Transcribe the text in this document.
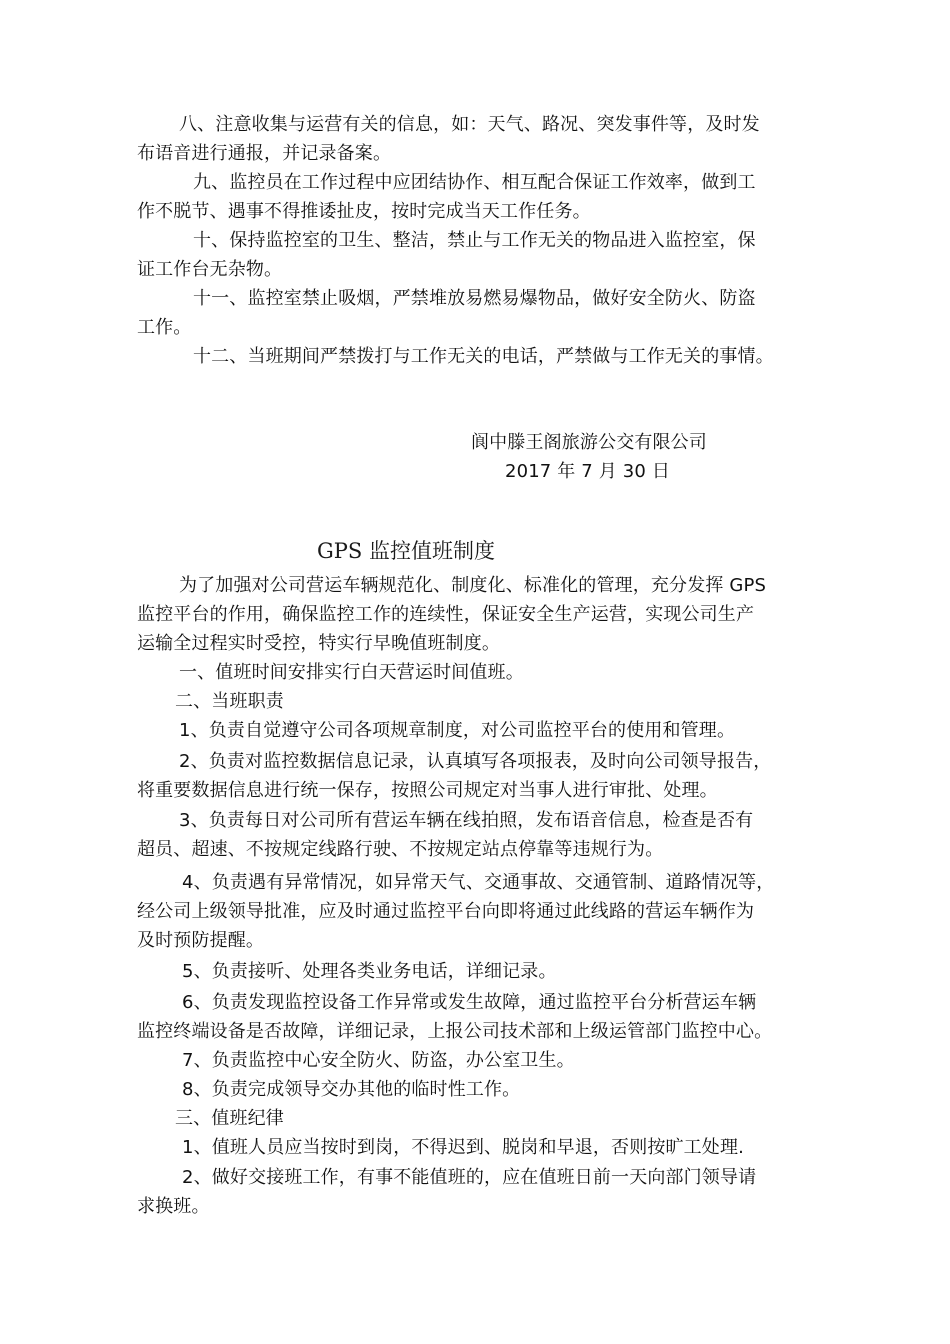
八、注意收集与运营有关的信息，如：天气、路况、突发事件等，及时发
布语音进行通报，并记录备案。
九、监控员在工作过程中应团结协作、相互配合保证工作效率，做到工
作不脱节、遇事不得推诿扯皮，按时完成当天工作任务。
十、保持监控室的卫生、整洁，禁止与工作无关的物品进入监控室，保
证工作台无杂物。
十一、监控室禁止吸烟，严禁堆放易燃易爆物品，做好安全防火、防盗
工作。
十二、当班期间严禁拨打与工作无关的电话，严禁做与工作无关的事情。
阆中滕王阁旅游公交有限公司
2017 年 7 月 30 日
GPS 监控值班制度
为了加强对公司营运车辆规范化、制度化、标准化的管理，充分发挥 GPS
监控平台的作用，确保监控工作的连续性，保证安全生产运营，实现公司生产
运输全过程实时受控，特实行早晚值班制度。
一、值班时间安排实行白天营运时间值班。
二、当班职责
1、负责自觉遵守公司各项规章制度，对公司监控平台的使用和管理。
2、负责对监控数据信息记录，认真填写各项报表，及时向公司领导报告，
将重要数据信息进行统一保存，按照公司规定对当事人进行审批、处理。
3、负责每日对公司所有营运车辆在线拍照，发布语音信息，检查是否有
超员、超速、不按规定线路行驶、不按规定站点停靠等违规行为。
4、负责遇有异常情况，如异常天气、交通事故、交通管制、道路情况等，
经公司上级领导批准，应及时通过监控平台向即将通过此线路的营运车辆作为
及时预防提醒。
5、负责接听、处理各类业务电话，详细记录。
6、负责发现监控设备工作异常或发生故障，通过监控平台分析营运车辆
监控终端设备是否故障，详细记录，上报公司技术部和上级运管部门监控中心。
7、负责监控中心安全防火、防盗，办公室卫生。
8、负责完成领导交办其他的临时性工作。
三、值班纪律
1、值班人员应当按时到岗，不得迟到、脱岗和早退，否则按旷工处理.
2、做好交接班工作，有事不能值班的，应在值班日前一天向部门领导请
求换班。
